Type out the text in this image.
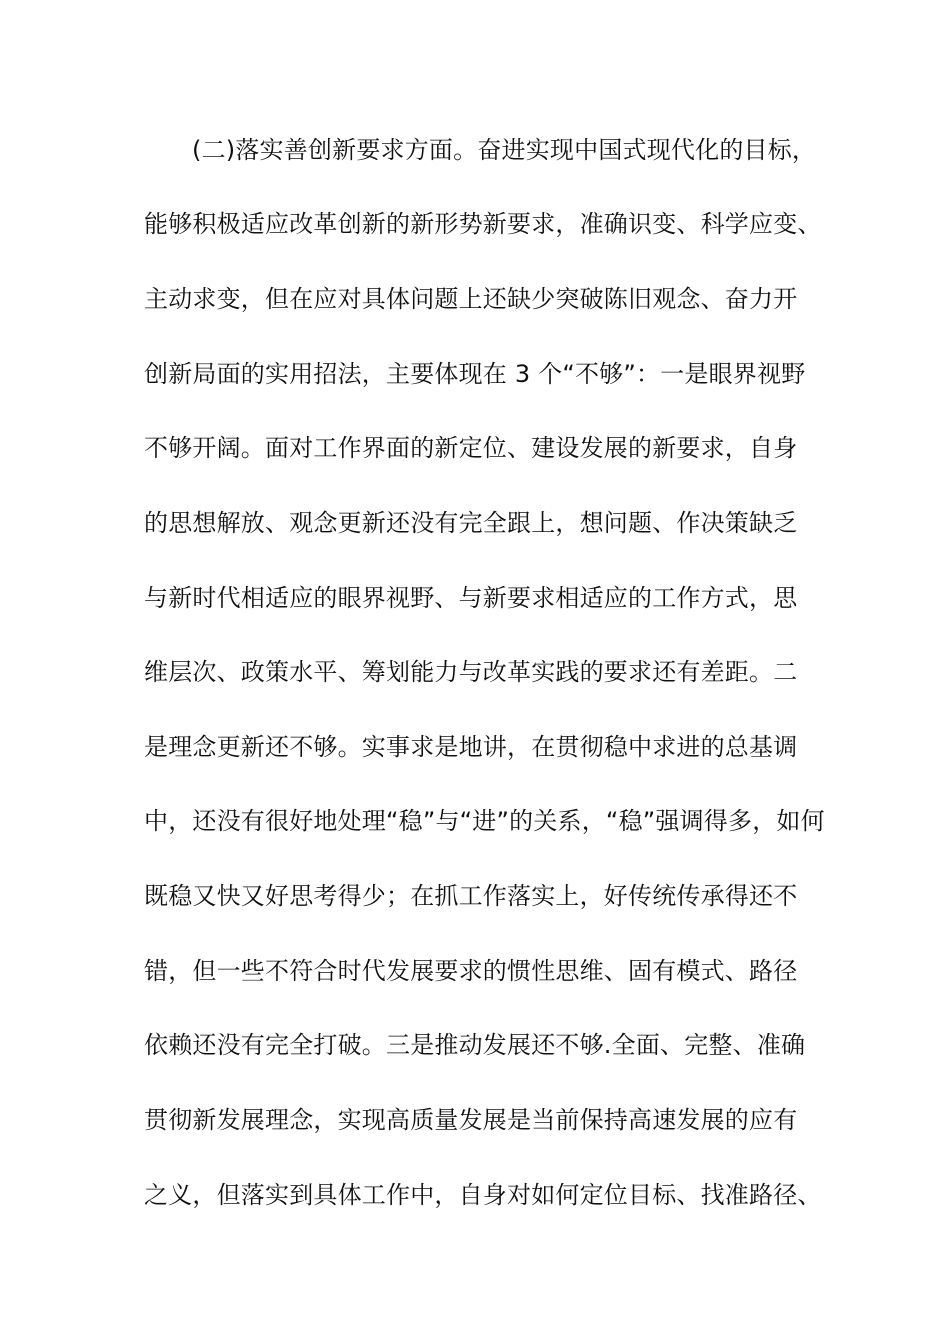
(二)落实善创新要求方面。奋进实现中国式现代化的目标，
能够积极适应改革创新的新形势新要求，准确识变、科学应变、
主动求变，但在应对具体问题上还缺少突破陈旧观念、奋力开
创新局面的实用招法，主要体现在 3 个“不够”：一是眼界视野
不够开阔。面对工作界面的新定位、建设发展的新要求，自身
的思想解放、观念更新还没有完全跟上，想问题、作决策缺乏
与新时代相适应的眼界视野、与新要求相适应的工作方式，思
维层次、政策水平、筹划能力与改革实践的要求还有差距。二
是理念更新还不够。实事求是地讲，在贯彻稳中求进的总基调
中，还没有很好地处理“稳”与“进”的关系，“稳”强调得多，如何
既稳又快又好思考得少；在抓工作落实上，好传统传承得还不
错，但一些不符合时代发展要求的惯性思维、固有模式、路径
依赖还没有完全打破。三是推动发展还不够.全面、完整、准确
贯彻新发展理念，实现高质量发展是当前保持高速发展的应有
之义，但落实到具体工作中，自身对如何定位目标、找准路径、
